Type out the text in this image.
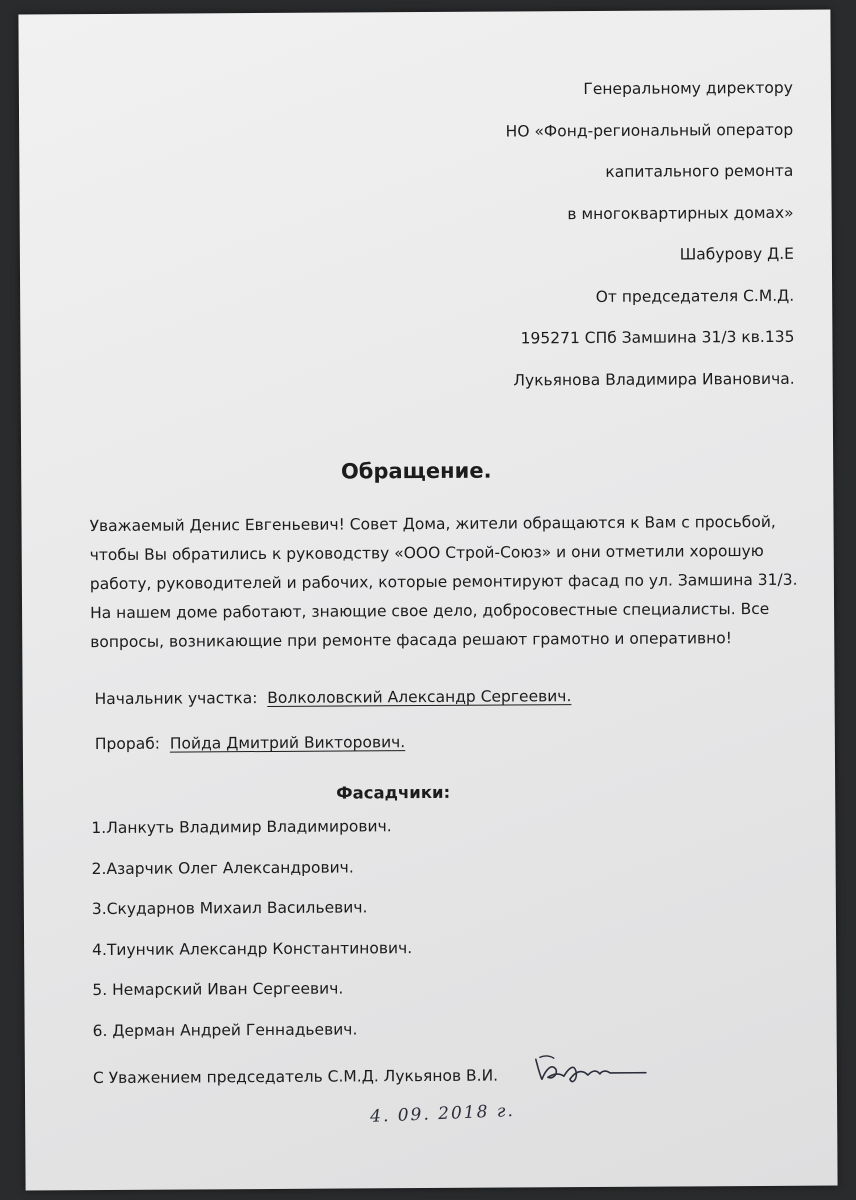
Генеральному директору
НО «Фонд-региональный оператор
капитального ремонта
в многоквартирных домах»
Шабурову Д.Е
От председателя С.М.Д.
195271 СПб Замшина 31/3 кв.135
Лукьянова Владимира Ивановича.
Обращение.
Уважаемый Денис Евгеньевич! Совет Дома, жители обращаются к Вам с просьбой, чтобы Вы обратились к руководству «ООО Строй-Союз» и они отметили хорошую работу, руководителей и рабочих, которые ремонтируют фасад по ул. Замшина 31/3. На нашем доме работают, знающие свое дело, добросовестные специалисты. Все вопросы, возникающие при ремонте фасада решают грамотно и оперативно!
Начальник участка: Волколовский Александр Сергеевич.
Прораб: Пойда Дмитрий Викторович.
Фасадчики:
1.Ланкуть Владимир Владимирович.
2.Азарчик Олег Александрович.
3.Скударнов Михаил Васильевич.
4.Тиунчик Александр Константинович.
5. Немарский Иван Сергеевич.
6. Дерман Андрей Геннадьевич.
С Уважением председатель С.М.Д. Лукьянов В.И.
4. 09. 2018 г.
